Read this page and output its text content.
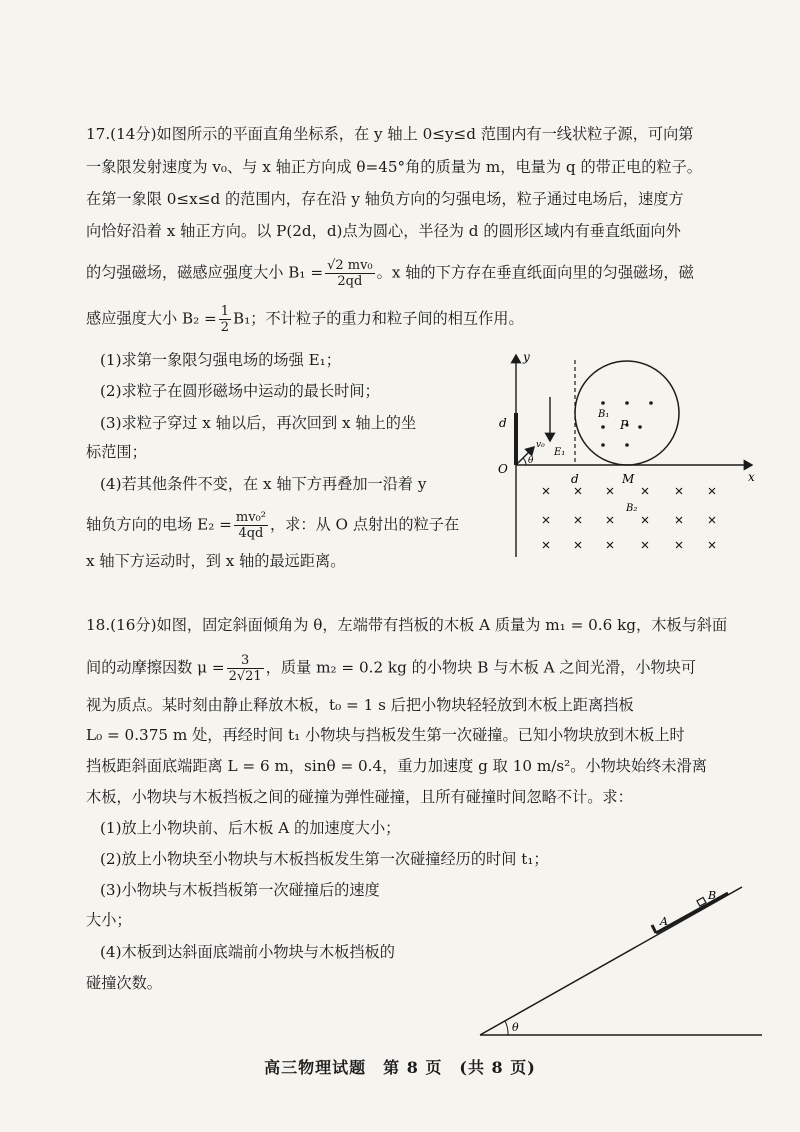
17.(14分)如图所示的平面直角坐标系，在 y 轴上 0≤y≤d 范围内有一线状粒子源，可向第
一象限发射速度为 v₀、与 x 轴正方向成 θ=45°角的质量为 m，电量为 q 的带正电的粒子。
在第一象限 0≤x≤d 的范围内，存在沿 y 轴负方向的匀强电场，粒子通过电场后，速度方
向恰好沿着 x 轴正方向。以 P(2d，d)点为圆心，半径为 d 的圆形区域内有垂直纸面向外
的匀强磁场，磁感应强度大小 $B_1 = \frac{\text{√2 mv₀}}{2qd}$ 。x 轴的下方存在垂直纸面向里的匀强磁场，磁
感应强度大小 $B_2 = \frac{1}{2} B_1$；不计粒子的重力和粒子间的相互作用。
(1)求第一象限匀强电场的场强 E₁；
(2)求粒子在圆形磁场中运动的最长时间；
(3)求粒子穿过 x 轴以后，再次回到 x 轴上的坐
标范围；
(4)若其他条件不变，在 x 轴下方再叠加一沿着 y
轴负方向的电场 $E_2 = \frac{\text{mv₀²}}{4qd}$ ，求：从 O 点射出的粒子在
x 轴下方运动时，到 x 轴的最远距离。
y
x
O
d
d	M
B₁
P
B₂
E₁
v₀
θ
18.(16分)如图，固定斜面倾角为 θ，左端带有挡板的木板 A 质量为 m₁ = 0.6 kg，木板与斜面
间的动摩擦因数 $\mu = \frac{3}{2√21}$ ，质量 m₂ = 0.2 kg 的小物块 B 与木板 A 之间光滑，小物块可
视为质点。某时刻由静止释放木板，t₀ = 1 s 后把小物块轻轻放到木板上距离挡板
L₀ = 0.375 m 处，再经时间 t₁ 小物块与挡板发生第一次碰撞。已知小物块放到木板上时
挡板距斜面底端距离 L = 6 m，sinθ = 0.4，重力加速度 g 取 10 m/s²。小物块始终未滑离
木板，小物块与木板挡板之间的碰撞为弹性碰撞，且所有碰撞时间忽略不计。求：
(1)放上小物块前、后木板 A 的加速度大小；
(2)放上小物块至小物块与木板挡板发生第一次碰撞经历的时间 t₁；
(3)小物块与木板挡板第一次碰撞后的速度
大小；
(4)木板到达斜面底端前小物块与木板挡板的
碰撞次数。
θ
A
B
高三物理试题　第 8 页　(共 8 页)
